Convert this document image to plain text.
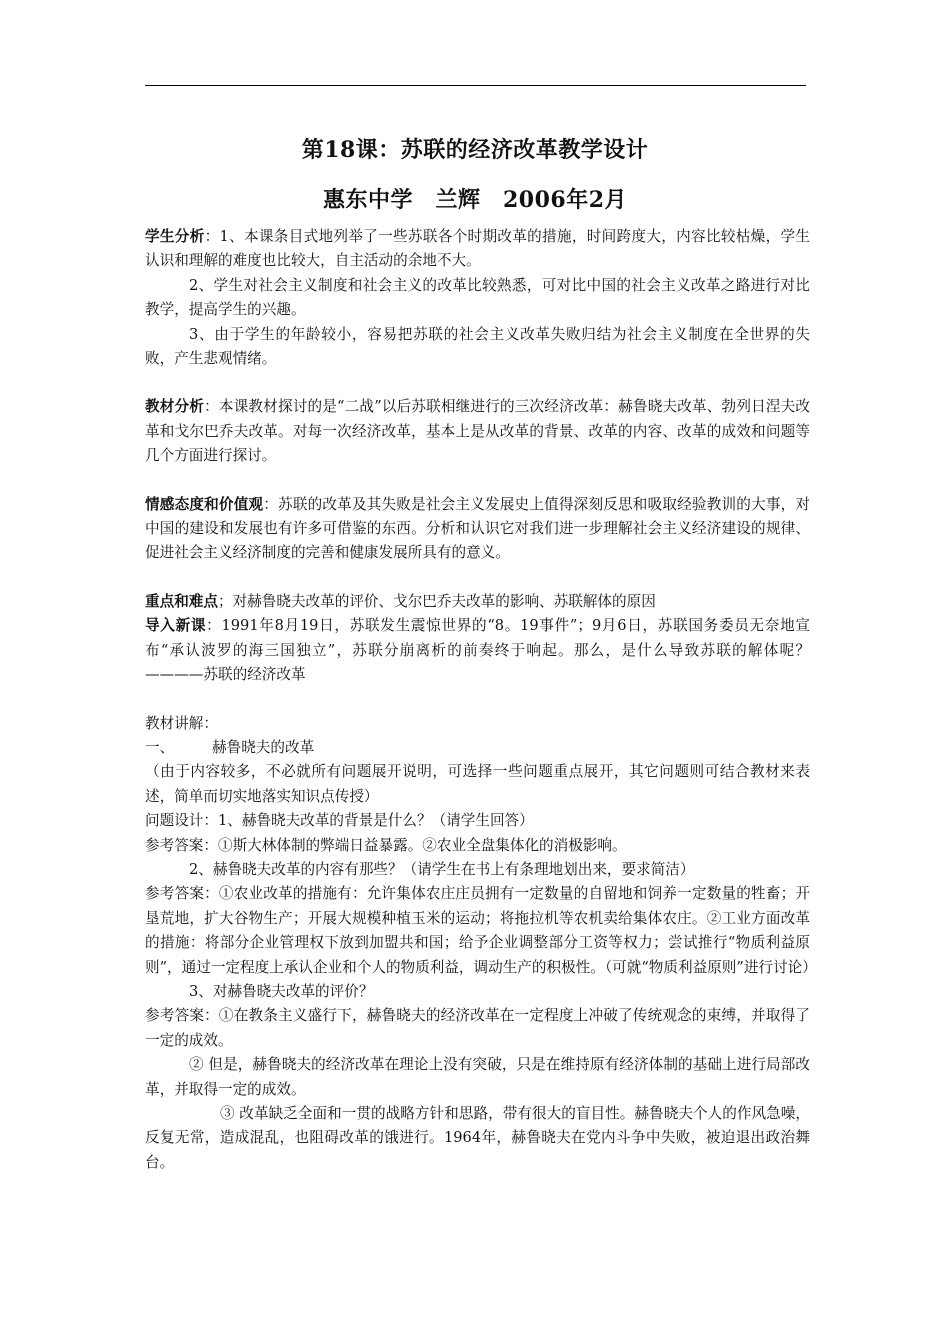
第18课：苏联的经济改革教学设计
惠东中学　兰辉　2006年2月

学生分析：1、本课条目式地列举了一些苏联各个时期改革的措施，时间跨度大，内容比较枯燥，学生认识和理解的难度也比较大，自主活动的余地不大。

2、学生对社会主义制度和社会主义的改革比较熟悉，可对比中国的社会主义改革之路进行对比教学，提高学生的兴趣。

3、由于学生的年龄较小，容易把苏联的社会主义改革失败归结为社会主义制度在全世界的失败，产生悲观情绪。

教材分析：本课教材探讨的是“二战”以后苏联相继进行的三次经济改革：赫鲁晓夫改革、勃列日涅夫改革和戈尔巴乔夫改革。对每一次经济改革，基本上是从改革的背景、改革的内容、改革的成效和问题等几个方面进行探讨。

情感态度和价值观：苏联的改革及其失败是社会主义发展史上值得深刻反思和吸取经验教训的大事，对中国的建设和发展也有许多可借鉴的东西。分析和认识它对我们进一步理解社会主义经济建设的规律、促进社会主义经济制度的完善和健康发展所具有的意义。

重点和难点；对赫鲁晓夫改革的评价、戈尔巴乔夫改革的影响、苏联解体的原因

导入新课：1991年8月19日，苏联发生震惊世界的“8。19事件”；9月6日，苏联国务委员无奈地宣布“承认波罗的海三国独立”，苏联分崩离析的前奏终于响起。那么，是什么导致苏联的解体呢？————苏联的经济改革

教材讲解：

一、	赫鲁晓夫的改革

（由于内容较多，不必就所有问题展开说明，可选择一些问题重点展开，其它问题则可结合教材来表述，简单而切实地落实知识点传授）

问题设计：1、赫鲁晓夫改革的背景是什么？（请学生回答）

参考答案：①斯大林体制的弊端日益暴露。②农业全盘集体化的消极影响。

2、赫鲁晓夫改革的内容有那些？（请学生在书上有条理地划出来，要求简洁）

参考答案：①农业改革的措施有：允许集体农庄庄员拥有一定数量的自留地和饲养一定数量的牲畜；开垦荒地，扩大谷物生产；开展大规模种植玉米的运动；将拖拉机等农机卖给集体农庄。②工业方面改革的措施：将部分企业管理权下放到加盟共和国；给予企业调整部分工资等权力；尝试推行“物质利益原则”，通过一定程度上承认企业和个人的物质利益，调动生产的积极性。（可就“物质利益原则”进行讨论）

3、对赫鲁晓夫改革的评价？

参考答案：①在教条主义盛行下，赫鲁晓夫的经济改革在一定程度上冲破了传统观念的束缚，并取得了一定的成效。

② 但是，赫鲁晓夫的经济改革在理论上没有突破，只是在维持原有经济体制的基础上进行局部改革，并取得一定的成效。

③ 改革缺乏全面和一贯的战略方针和思路，带有很大的盲目性。赫鲁晓夫个人的作风急噪，反复无常，造成混乱，也阻碍改革的饿进行。1964年，赫鲁晓夫在党内斗争中失败，被迫退出政治舞台。
